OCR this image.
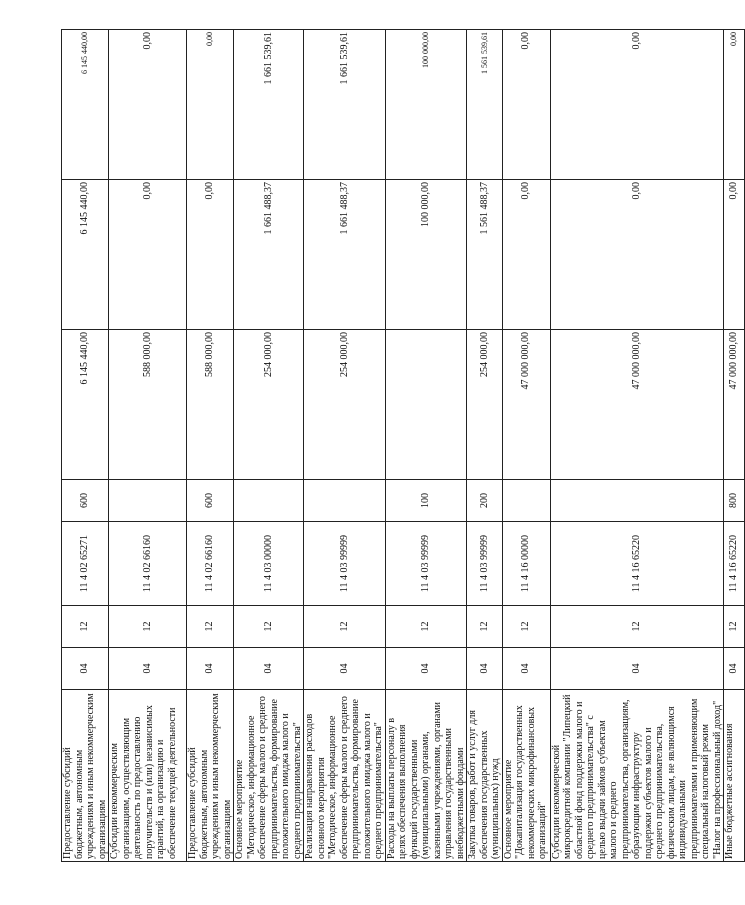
Предоставление субсидий бюджетным, автономным учреждениям и иным некоммерческим организациям	04	12	11 4 02 65271	600	6 145 440,00	6 145 440,00	6 145 440,00
Субсидии некоммерческим организациям, осуществляющим деятельность по предоставлению поручительств и (или) независимых гарантий, на организацию и обеспечение текущей деятельности	04	12	11 4 02 66160		588 000,00	0,00	0,00
Предоставление субсидий бюджетным, автономным учреждениям и иным некоммерческим организациям	04	12	11 4 02 66160	600	588 000,00	0,00	0,00
Основное мероприятие "Методическое, информационное обеспечение сферы малого и среднего предпринимательства, формирование положительного имиджа малого и среднего предпринимательства"	04	12	11 4 03 00000		254 000,00	1 661 488,37	1 661 539,61
Реализация направления расходов основного мероприятия "Методическое, информационное обеспечение сферы малого и среднего предпринимательства, формирование положительного имиджа малого и среднего предпринимательства"	04	12	11 4 03 99999		254 000,00	1 661 488,37	1 661 539,61
Расходы на выплаты персоналу в целях обеспечения выполнения функций государственными (муниципальными) органами, казенными учреждениями, органами управления государственными внебюджетными фондами	04	12	11 4 03 99999	100		100 000,00	100 000,00
Закупка товаров, работ и услуг для обеспечения государственных (муниципальных) нужд	04	12	11 4 03 99999	200	254 000,00	1 561 488,37	1 561 539,61
Основное мероприятие "Докапитализация государственных некоммерческих микрофинансовых организаций"	04	12	11 4 16 00000		47 000 000,00	0,00	0,00
Субсидии некоммерческой микрокредитной компании "Липецкий областной фонд поддержки малого и среднего предпринимательства" с целью выдачи займов субъектам малого и среднего предпринимательства, организациям, образующим инфраструктуру поддержки субъектов малого и среднего предпринимательства, физическим лицам, не являющимся индивидуальными предпринимателями и применяющим специальный налоговый режим "Налог на профессиональный доход"	04	12	11 4 16 65220		47 000 000,00	0,00	0,00
Иные бюджетные ассигнования	04	12	11 4 16 65220	800	47 000 000,00	0,00	0,00
